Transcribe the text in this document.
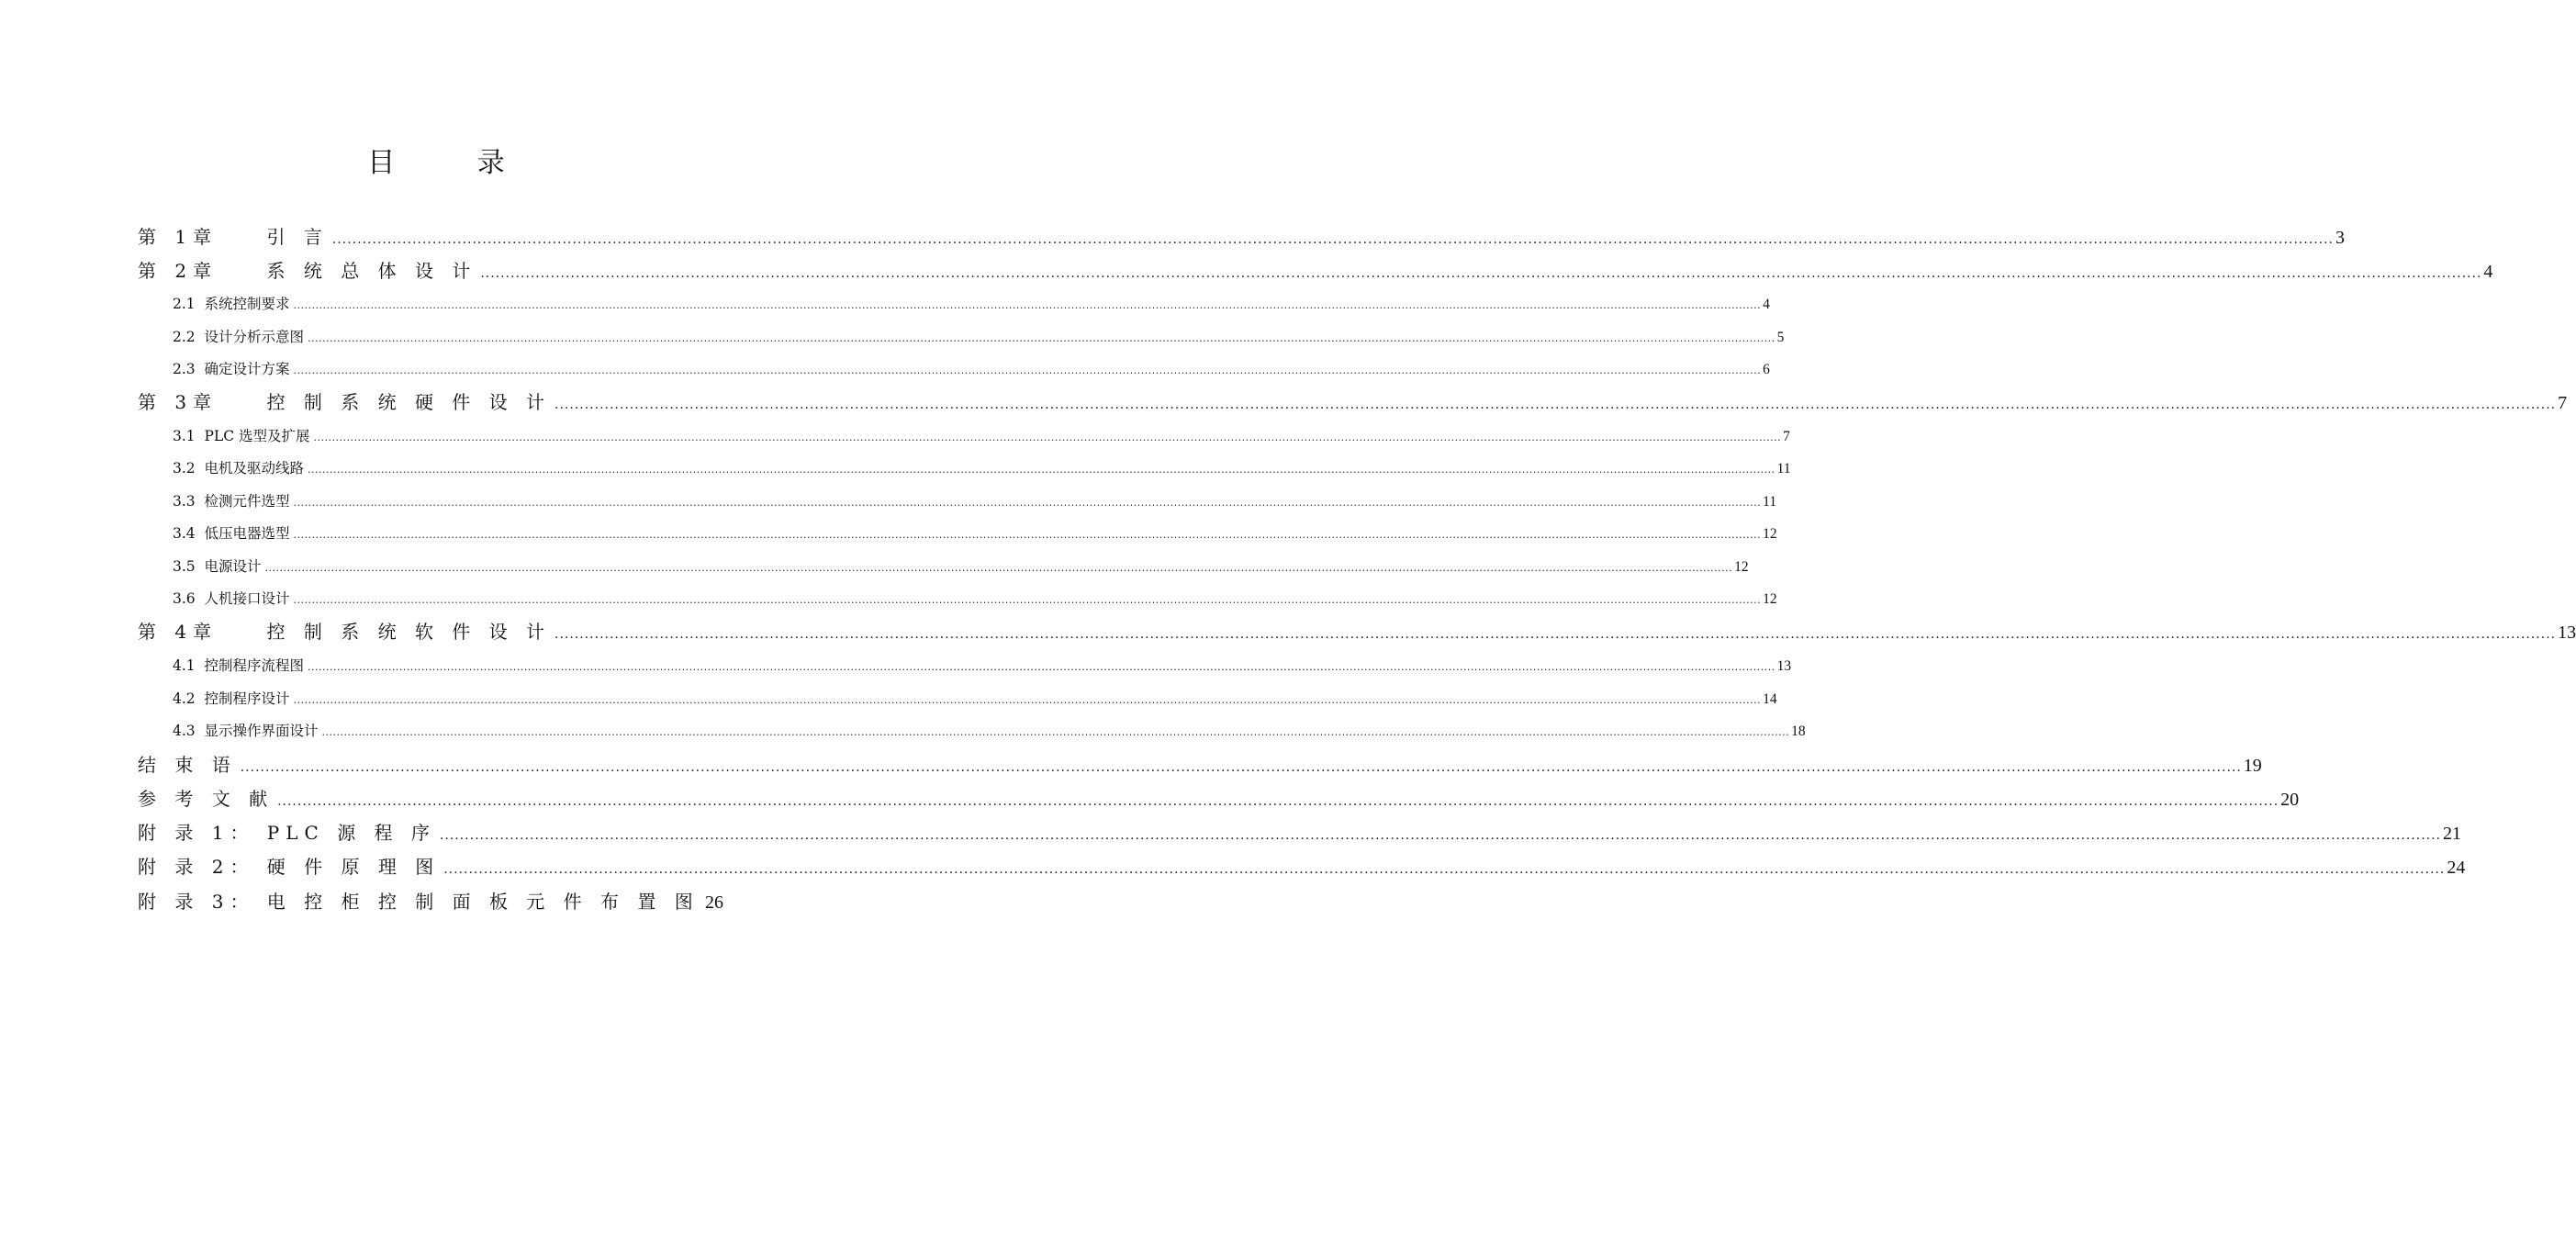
目 录
第 1章    引 言 ................................................................................................................................................................................................................................................................................................................................................................................................................ 3
第 2章    系 统 总 体 设 计 ................................................................................................................................................................................................................................................................................................................................................................................................................ 4
2.1  系统控制要求 ................................................................................................................................................................................................................................................................................................................................................................................................................ 4
2.2  设计分析示意图 ................................................................................................................................................................................................................................................................................................................................................................................................................ 5
2.3  确定设计方案 ................................................................................................................................................................................................................................................................................................................................................................................................................ 6
第 3章    控 制 系 统 硬 件 设 计 ................................................................................................................................................................................................................................................................................................................................................................................................................ 7
3.1  PLC 选型及扩展 ................................................................................................................................................................................................................................................................................................................................................................................................................ 7
3.2  电机及驱动线路 ................................................................................................................................................................................................................................................................................................................................................................................................................ 11
3.3  检测元件选型 ................................................................................................................................................................................................................................................................................................................................................................................................................ 11
3.4  低压电器选型 ................................................................................................................................................................................................................................................................................................................................................................................................................ 12
3.5  电源设计 ................................................................................................................................................................................................................................................................................................................................................................................................................ 12
3.6  人机接口设计 ................................................................................................................................................................................................................................................................................................................................................................................................................ 12
第 4章    控 制 系 统 软 件 设 计 ................................................................................................................................................................................................................................................................................................................................................................................................................ 13
4.1  控制程序流程图 ................................................................................................................................................................................................................................................................................................................................................................................................................ 13
4.2  控制程序设计 ................................................................................................................................................................................................................................................................................................................................................................................................................ 14
4.3  显示操作界面设计 ................................................................................................................................................................................................................................................................................................................................................................................................................ 18
结 束 语 ................................................................................................................................................................................................................................................................................................................................................................................................................ 19
参 考 文 献 ................................................................................................................................................................................................................................................................................................................................................................................................................ 20
附 录 1： PLC 源 程 序 ................................................................................................................................................................................................................................................................................................................................................................................................................ 21
附 录 2： 硬 件 原 理 图 ................................................................................................................................................................................................................................................................................................................................................................................................................ 24
附 录 3： 电 控 柜 控 制 面 板 元 件 布 置 图 26
